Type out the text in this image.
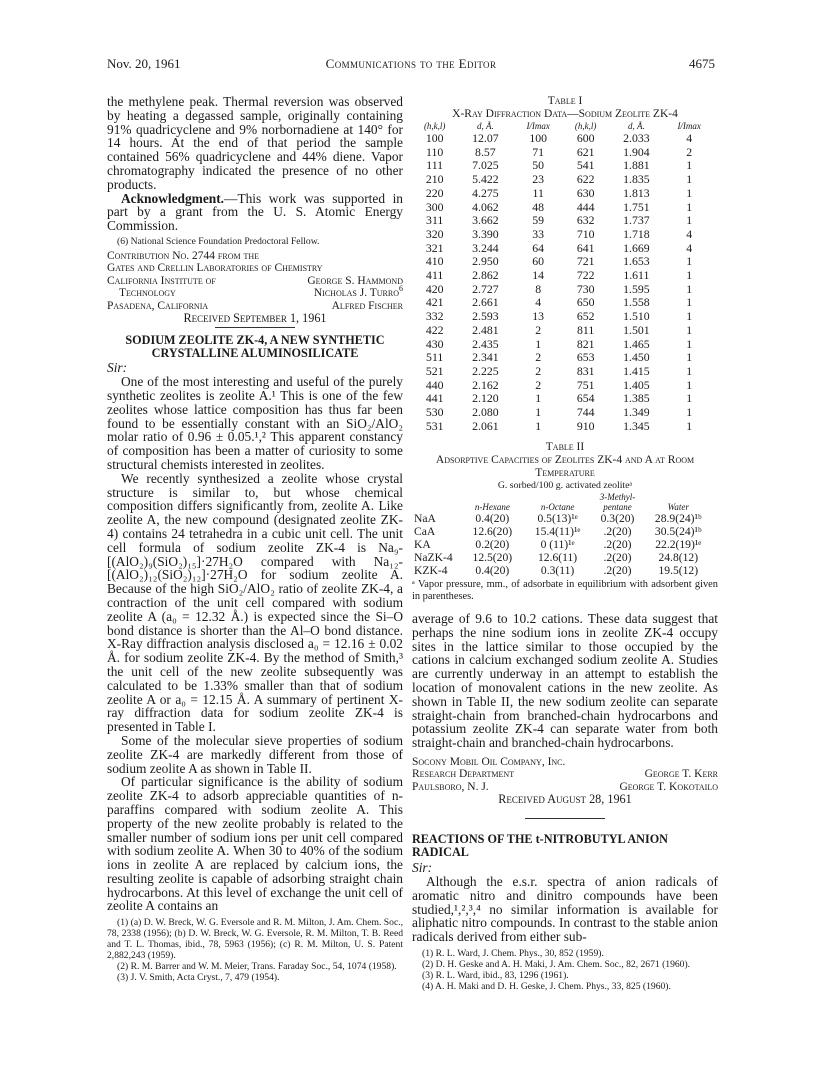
Nov. 20, 1961	Communications to the Editor	4675

the methylene peak. Thermal reversion was observed by heating a degassed sample, originally containing 91% quadricyclene and 9% norbornadiene at 140° for 14 hours. At the end of that period the sample contained 56% quadricyclene and 44% diene. Vapor chromatography indicated the presence of no other products.

Acknowledgment.—This work was supported in part by a grant from the U. S. Atomic Energy Commission.

(6) National Science Foundation Predoctoral Fellow.

Contribution No. 2744 from the
Gates and Crellin Laboratories of Chemistry
California Institute of	George S. Hammond
Technology	Nicholas J. Turro$^6$
Pasadena, California	Alfred Fischer
Received September 1, 1961
SODIUM ZEOLITE ZK-4, A NEW SYNTHETIC CRYSTALLINE ALUMINOSILICATE
Sir:

One of the most interesting and useful of the purely synthetic zeolites is zeolite A.¹ This is one of the few zeolites whose lattice composition has thus far been found to be essentially constant with an SiO₂/AlO₂ molar ratio of 0.96 ± 0.05.¹,² This apparent constancy of composition has been a matter of curiosity to some structural chemists interested in zeolites.

We recently synthesized a zeolite whose crystal structure is similar to, but whose chemical composition differs significantly from, zeolite A. Like zeolite A, the new compound (designated zeolite ZK-4) contains 24 tetrahedra in a cubic unit cell. The unit cell formula of sodium zeolite ZK-4 is Na₉-[(AlO₂)₉(SiO₂)₁₅]·27H₂O compared with Na₁₂-[(AlO₂)₁₂(SiO₂)₁₂]·27H₂O for sodium zeolite A. Because of the high SiO₂/AlO₂ ratio of zeolite ZK-4, a contraction of the unit cell compared with sodium zeolite A (a₀ = 12.32 Å.) is expected since the Si–O bond distance is shorter than the Al–O bond distance. X-Ray diffraction analysis disclosed a₀ = 12.16 ± 0.02 Å. for sodium zeolite ZK-4. By the method of Smith,³ the unit cell of the new zeolite subsequently was calculated to be 1.33% smaller than that of sodium zeolite A or a₀ = 12.15 Å. A summary of pertinent X-ray diffraction data for sodium zeolite ZK-4 is presented in Table I.

Some of the molecular sieve properties of sodium zeolite ZK-4 are markedly different from those of sodium zeolite A as shown in Table II.

Of particular significance is the ability of sodium zeolite ZK-4 to adsorb appreciable quantities of n-paraffins compared with sodium zeolite A. This property of the new zeolite probably is related to the smaller number of sodium ions per unit cell compared with sodium zeolite A. When 30 to 40% of the sodium ions in zeolite A are replaced by calcium ions, the resulting zeolite is capable of adsorbing straight chain hydrocarbons. At this level of exchange the unit cell of zeolite A contains an

(1) (a) D. W. Breck, W. G. Eversole and R. M. Milton, J. Am. Chem. Soc., 78, 2338 (1956); (b) D. W. Breck, W. G. Eversole, R. M. Milton, T. B. Reed and T. L. Thomas, ibid., 78, 5963 (1956); (c) R. M. Milton, U. S. Patent 2,882,243 (1959).

(2) R. M. Barrer and W. M. Meier, Trans. Faraday Soc., 54, 1074 (1958).

(3) J. V. Smith, Acta Cryst., 7, 479 (1954).

Table I

X-Ray Diffraction Data—Sodium Zeolite ZK-4

(h,k,l)	d, Å.	I/Imax	(h,k,l)	d, Å.	I/Imax
100	12.07	100	600	2.033	4
110	8.57	71	621	1.904	2
111	7.025	50	541	1.881	1
210	5.422	23	622	1.835	1
220	4.275	11	630	1.813	1
300	4.062	48	444	1.751	1
311	3.662	59	632	1.737	1
320	3.390	33	710	1.718	4
321	3.244	64	641	1.669	4
410	2.950	60	721	1.653	1
411	2.862	14	722	1.611	1
420	2.727	8	730	1.595	1
421	2.661	4	650	1.558	1
332	2.593	13	652	1.510	1
422	2.481	2	811	1.501	1
430	2.435	1	821	1.465	1
511	2.341	2	653	1.450	1
521	2.225	2	831	1.415	1
440	2.162	2	751	1.405	1
441	2.120	1	654	1.385	1
530	2.080	1	744	1.349	1
531	2.061	1	910	1.345	1

Table II

Adsorptive Capacities of Zeolites ZK-4 and A at Room Temperature

G. sorbed/100 g. activated zeoliteᵃ

	n-Hexane	n-Octane	3-Methyl-pentane	Water
NaA	0.4(20)	0.5(13)¹ᵉ	0.3(20)	28.9(24)¹ᵇ
CaA	12.6(20)	15.4(11)¹ᵉ	.2(20)	30.5(24)¹ᵇ
KA	0.2(20)	0 (11)¹ᵉ	.2(20)	22.2(19)¹ᵉ
NaZK-4	12.5(20)	12.6(11)	.2(20)	24.8(12)
KZK-4	0.4(20)	0.3(11)	.2(20)	19.5(12)

ᵃ Vapor pressure, mm., of adsorbate in equilibrium with adsorbent given in parentheses.

average of 9.6 to 10.2 cations. These data suggest that perhaps the nine sodium ions in zeolite ZK-4 occupy sites in the lattice similar to those occupied by the cations in calcium exchanged sodium zeolite A. Studies are currently underway in an attempt to establish the location of monovalent cations in the new zeolite. As shown in Table II, the new sodium zeolite can separate straight-chain from branched-chain hydrocarbons and potassium zeolite ZK-4 can separate water from both straight-chain and branched-chain hydrocarbons.

Socony Mobil Oil Company, Inc.
Research Department	George T. Kerr
Paulsboro, N. J.	George T. Kokotailo
Received August 28, 1961
REACTIONS OF THE t-NITROBUTYL ANION RADICAL
Sir:

Although the e.s.r. spectra of anion radicals of aromatic nitro and dinitro compounds have been studied,¹,²,³,⁴ no similar information is available for aliphatic nitro compounds. In contrast to the stable anion radicals derived from either sub-

(1) R. L. Ward, J. Chem. Phys., 30, 852 (1959).

(2) D. H. Geske and A. H. Maki, J. Am. Chem. Soc., 82, 2671 (1960).

(3) R. L. Ward, ibid., 83, 1296 (1961).

(4) A. H. Maki and D. H. Geske, J. Chem. Phys., 33, 825 (1960).
